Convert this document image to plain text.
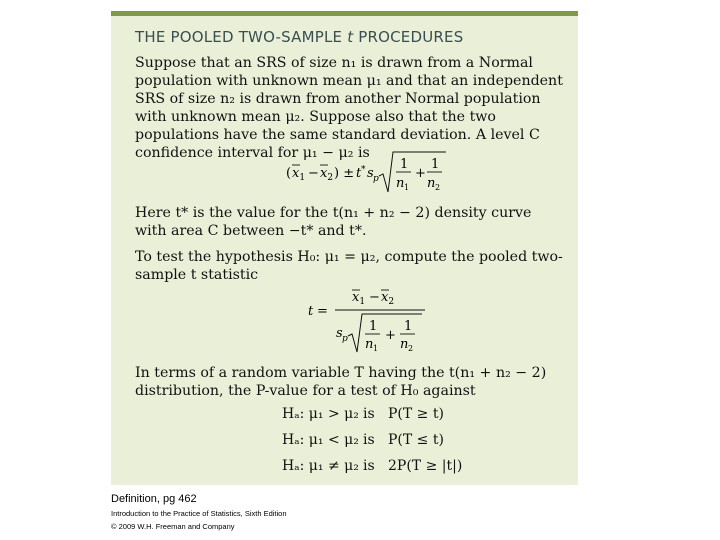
THE POOLED TWO-SAMPLE t PROCEDURES

Suppose that an SRS of size n₁ is drawn from a Normal population with unknown mean μ₁ and that an independent SRS of size n₂ is drawn from another Normal population with unknown mean μ₂. Suppose also that the two populations have the same standard deviation. A level C confidence interval for μ₁ − μ₂ is

( $x_1 - x_2$ ) ± t * s p
1
n 1
+
1
n 2

Here t* is the value for the t(n₁ + n₂ − 2) density curve with area C between −t* and t*.

To test the hypothesis H₀: μ₁ = μ₂, compute the pooled two-sample t statistic

t =
$x_1 - x_2$
s p
1
n 1
+
1
n 2

In terms of a random variable T having the t(n₁ + n₂ − 2) distribution, the P-value for a test of H₀ against

Hₐ: μ₁ > μ₂ is P(T ≥ t)
Hₐ: μ₁ < μ₂ is P(T ≤ t)
Hₐ: μ₁ ≠ μ₂ is 2P(T ≥ |t|)
Definition, pg 462
Introduction to the Practice of Statistics, Sixth Edition
© 2009 W.H. Freeman and Company
